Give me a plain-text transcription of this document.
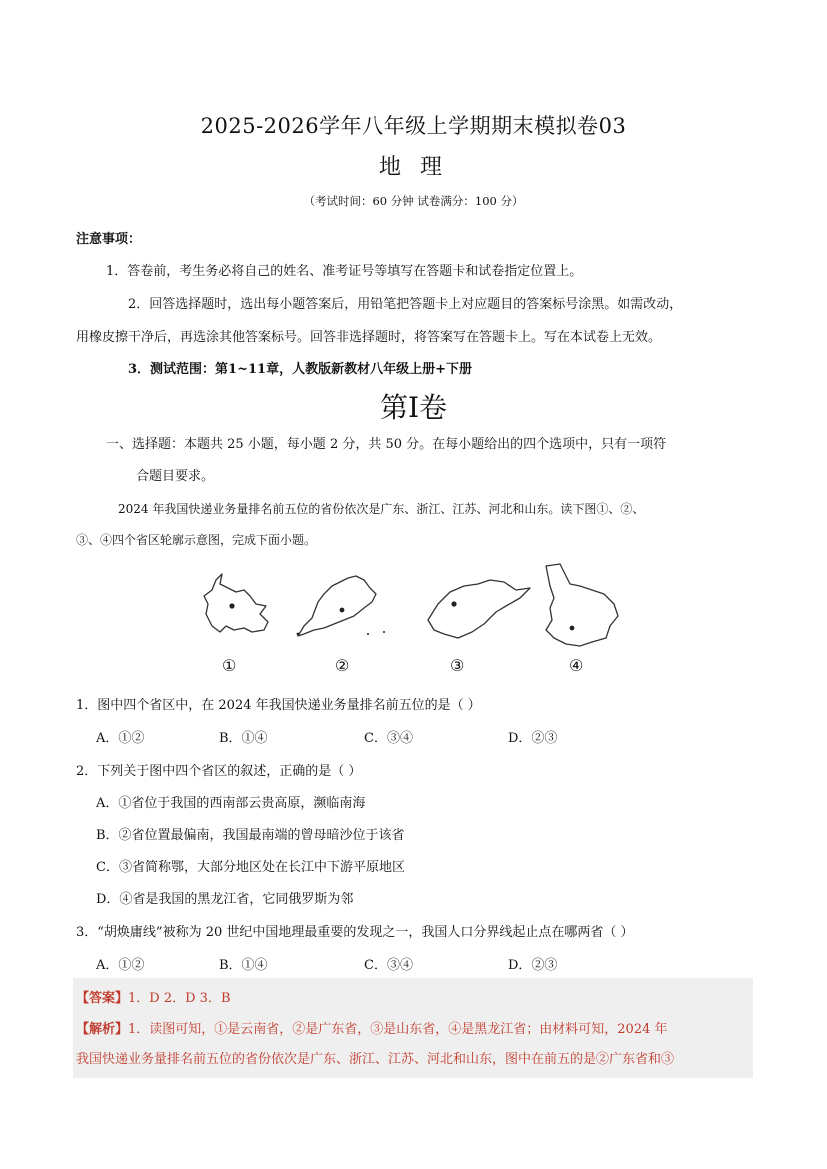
2025-2026学年八年级上学期期末模拟卷03
地 理
（考试时间：60 分钟 试卷满分：100 分）
注意事项：
1．答卷前，考生务必将自己的姓名、准考证号等填写在答题卡和试卷指定位置上。
2．回答选择题时，选出每小题答案后，用铅笔把答题卡上对应题目的答案标号涂黑。如需改动，
用橡皮擦干净后，再选涂其他答案标号。回答非选择题时，将答案写在答题卡上。写在本试卷上无效。
3．测试范围：第1~11章，人教版新教材八年级上册+下册
第Ⅰ卷
一、选择题：本题共 25 小题，每小题 2 分，共 50 分。在每小题给出的四个选项中，只有一项符
合题目要求。
2024 年我国快递业务量排名前五位的省份依次是广东、浙江、江苏、河北和山东。读下图①、②、
③、④四个省区轮廓示意图，完成下面小题。
①	②	③	④
1．图中四个省区中，在 2024 年我国快递业务量排名前五位的是（ ）
A．①②	B．①④	C．③④	D．②③
2．下列关于图中四个省区的叙述，正确的是（ ）
A．①省位于我国的西南部云贵高原，濒临南海
B．②省位置最偏南，我国最南端的曾母暗沙位于该省
C．③省简称鄂，大部分地区处在长江中下游平原地区
D．④省是我国的黑龙江省，它同俄罗斯为邻
3．“胡焕庸线”被称为 20 世纪中国地理最重要的发现之一，我国人口分界线起止点在哪两省（ ）
A．①②	B．①④	C．③④	D．②③
【答案】1．D 2．D 3．B
【解析】1．读图可知，①是云南省，②是广东省，③是山东省，④是黑龙江省；由材料可知，2024 年
我国快递业务量排名前五位的省份依次是广东、浙江、江苏、河北和山东，图中在前五的是②广东省和③
